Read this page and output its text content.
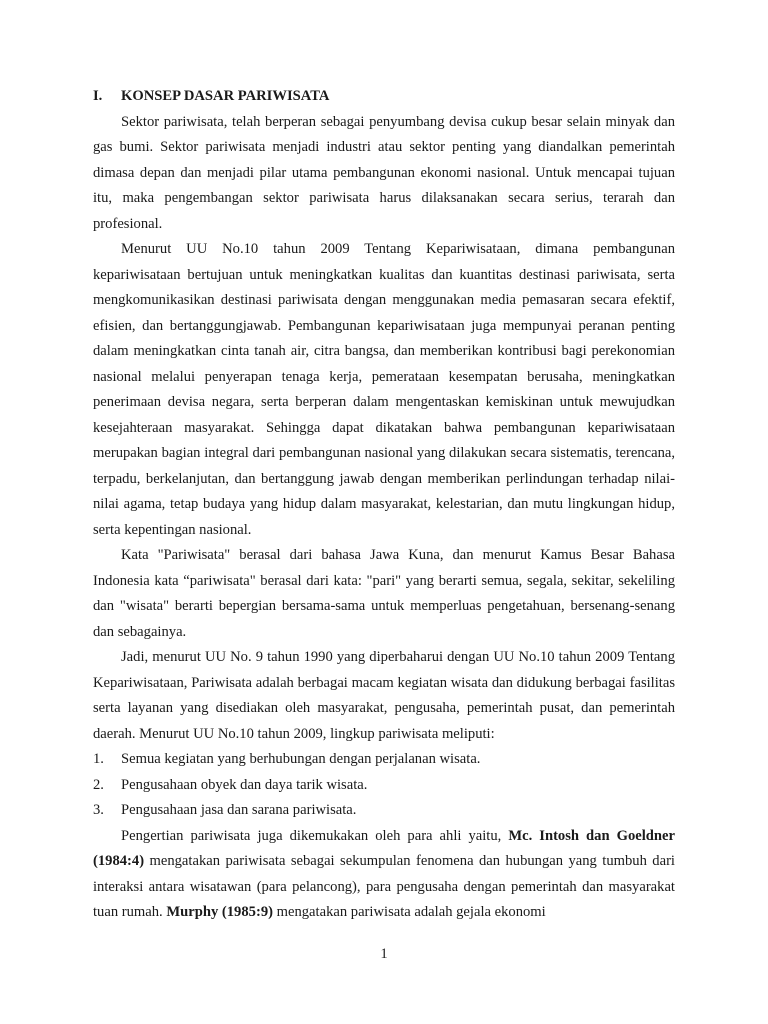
I.	KONSEP DASAR PARIWISATA

Sektor pariwisata, telah berperan sebagai penyumbang devisa cukup besar selain minyak dan gas bumi. Sektor pariwisata menjadi industri atau sektor penting yang diandalkan pemerintah dimasa depan dan menjadi pilar utama pembangunan ekonomi nasional. Untuk mencapai tujuan itu, maka pengembangan sektor pariwisata harus dilaksanakan secara serius, terarah dan profesional.

Menurut UU No.10 tahun 2009 Tentang Kepariwisataan, dimana pembangunan kepariwisataan bertujuan untuk meningkatkan kualitas dan kuantitas destinasi pariwisata, serta mengkomunikasikan destinasi pariwisata dengan menggunakan media pemasaran secara efektif, efisien, dan bertanggungjawab. Pembangunan kepariwisataan juga mempunyai peranan penting dalam meningkatkan cinta tanah air, citra bangsa, dan memberikan kontribusi bagi perekonomian nasional melalui penyerapan tenaga kerja, pemerataan kesempatan berusaha, meningkatkan penerimaan devisa negara, serta berperan dalam mengentaskan kemiskinan untuk mewujudkan kesejahteraan masyarakat. Sehingga dapat dikatakan bahwa pembangunan kepariwisataan merupakan bagian integral dari pembangunan nasional yang dilakukan secara sistematis, terencana, terpadu, berkelanjutan, dan bertanggung jawab dengan memberikan perlindungan terhadap nilai-nilai agama, tetap budaya yang hidup dalam masyarakat, kelestarian, dan mutu lingkungan hidup, serta kepentingan nasional.

Kata "Pariwisata" berasal dari bahasa Jawa Kuna, dan menurut Kamus Besar Bahasa Indonesia kata “pariwisata" berasal dari kata: "pari" yang berarti semua, segala, sekitar, sekeliling dan "wisata" berarti bepergian bersama-sama untuk memperluas pengetahuan, bersenang-senang dan sebagainya.

Jadi, menurut UU No. 9 tahun 1990 yang diperbaharui dengan UU No.10 tahun 2009 Tentang Kepariwisataan, Pariwisata adalah berbagai macam kegiatan wisata dan didukung berbagai fasilitas serta layanan yang disediakan oleh masyarakat, pengusaha, pemerintah pusat, dan pemerintah daerah. Menurut UU No.10 tahun 2009, lingkup pariwisata meliputi:

1.	Semua kegiatan yang berhubungan dengan perjalanan wisata.
2.	Pengusahaan obyek dan daya tarik wisata.
3.	Pengusahaan jasa dan sarana pariwisata.

Pengertian pariwisata juga dikemukakan oleh para ahli yaitu, Mc. Intosh dan Goeldner (1984:4) mengatakan pariwisata sebagai sekumpulan fenomena dan hubungan yang tumbuh dari interaksi antara wisatawan (para pelancong), para pengusaha dengan pemerintah dan masyarakat tuan rumah. Murphy (1985:9) mengatakan pariwisata adalah gejala ekonomi

1
